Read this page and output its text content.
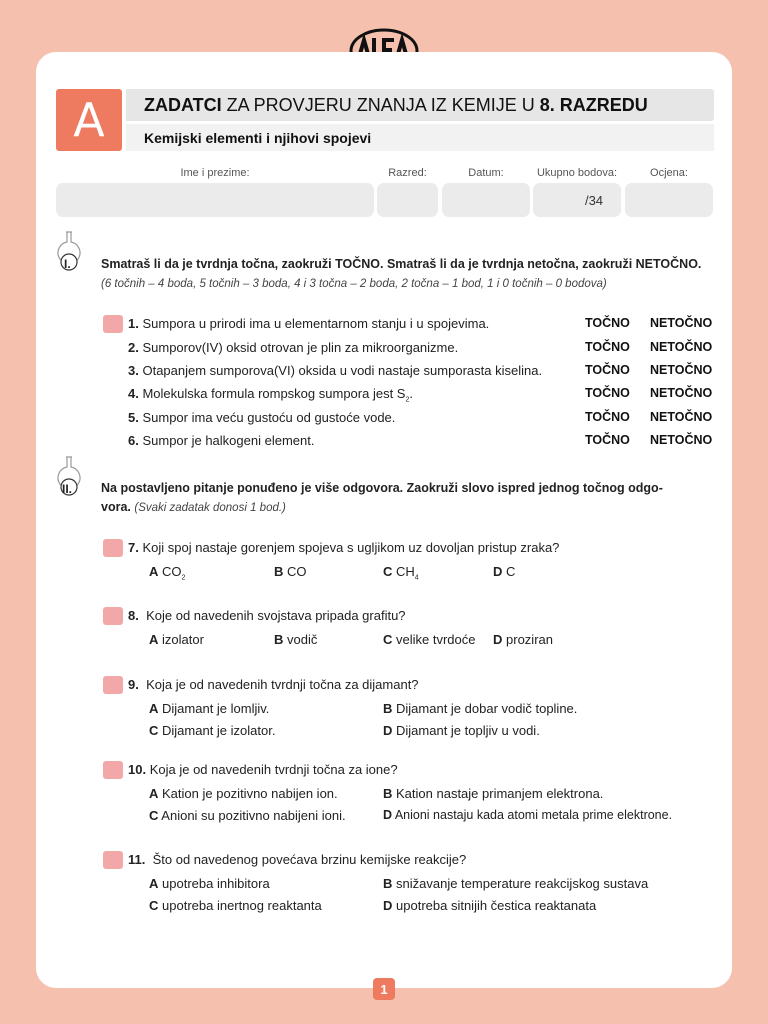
A	ZADATCI
ZA PROVJERU ZNANJA IZ KEMIJE U
8. RAZREDU
Kemijski elementi i njihovi spojevi
Ime i prezime:	Razred:	Datum:	Ukupno bodova:	Ocjena:
/34
I. Smatraš li da je tvrdnja točna, zaokruži TOČNO. Smatraš li da je tvrdnja netočna, zaokruži NETOČNO.
(6 točnih – 4 boda, 5 točnih – 3 boda, 4 i 3 točna – 2 boda, 2 točna – 1 bod, 1 i 0 točnih – 0 bodova)
1. Sumpora u prirodi ima u elementarnom stanju i u spojevima.	TOČNO NETOČNO
2. Sumporov(IV) oksid otrovan je plin za mikroorganizme.	TOČNO NETOČNO
3. Otapanjem sumporova(VI) oksida u vodi nastaje sumporasta kiselina.	TOČNO NETOČNO
4. Molekulska formula rompskog sumpora jest $S_2$.	TOČNO NETOČNO
5. Sumpor ima veću gustoću od gustoće vode.	TOČNO NETOČNO
6. Sumpor je halkogeni element.	TOČNO NETOČNO
II. Na postavljeno pitanje ponuđeno je više odgovora. Zaokruži slovo ispred jednog točnog odgo-
vora. (Svaki zadatak donosi 1 bod.)
7. Koji spoj nastaje gorenjem spojeva s ugljikom uz dovoljan pristup zraka?
A $CO_2$	B CO	C $CH_4$	D C
8. Koje od navedenih svojstava pripada grafitu?
A izolator	B vodič	C velike tvrdoće D proziran
9. Koja je od navedenih tvrdnji točna za dijamant?
A Dijamant je lomljiv.	B Dijamant je dobar vodič topline.
C Dijamant je izolator.	D Dijamant je topljiv u vodi.
10. Koja je od navedenih tvrdnji točna za ione?
A Kation je pozitivno nabijen ion.	B Kation nastaje primanjem elektrona.
C Anioni su pozitivno nabijeni ioni.	D Anioni nastaju kada atomi metala prime elektrone.
11. Što od navedenog povećava brzinu kemijske reakcije?
A upotreba inhibitora	B snižavanje temperature reakcijskog sustava
C upotreba inertnog reaktanta	D upotreba sitnijih čestica reaktanata
1
